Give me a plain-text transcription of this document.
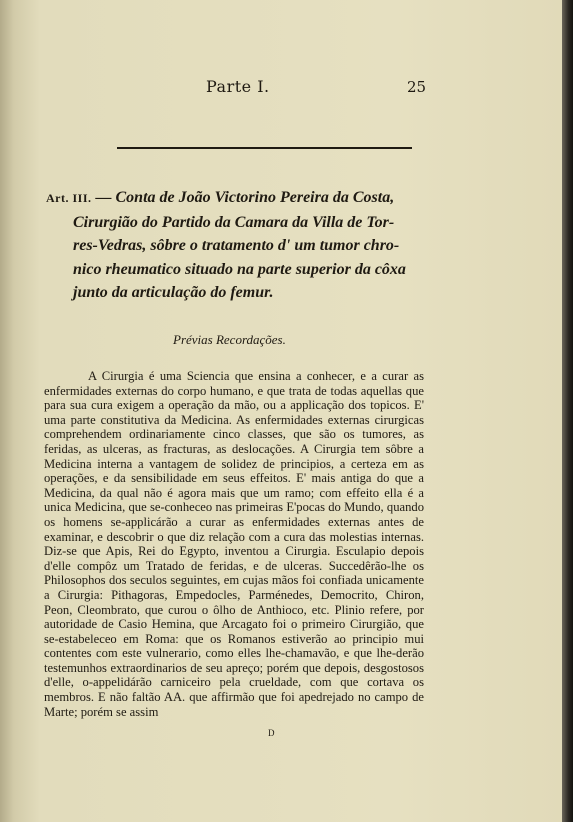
Parte I.	25
Art. III. — Conta de João Victorino Pereira da Costa,
Cirurgião do Partido da Camara da Villa de Tor-
res-Vedras, sôbre o tratamento d' um tumor chro-
nico rheumatico situado na parte superior da côxa
junto da articulação do femur.
Prévias Recordações.

A Cirurgia é uma Sciencia que ensina a conhecer, e a curar as enfermidades externas do corpo humano, e que trata de todas aquellas que para sua cura exigem a operação da mão, ou a applicação dos topicos. E' uma parte constitutiva da Medicina. As enfermidades externas cirurgicas comprehendem ordinariamente cinco classes, que são os tumores, as feridas, as ulceras, as fracturas, as deslocações. A Cirurgia tem sôbre a Medicina interna a vantagem de solidez de principios, a certeza em as operações, e da sensibilidade em seus effeitos. E' mais antiga do que a Medicina, da qual não é agora mais que um ramo; com effeito ella é a unica Medicina, que se-conheceo nas primeiras E'pocas do Mundo, quando os homens se-applicárão a curar as enfermidades externas antes de examinar, e descobrir o que diz relação com a cura das molestias internas. Diz-se que Apis, Rei do Egypto, inventou a Cirurgia. Esculapio depois d'elle compôz um Tratado de feridas, e de ulceras. Succedêrão-lhe os Philosophos dos seculos seguintes, em cujas mãos foi confiada unicamente a Cirurgia: Pithagoras, Empedocles, Parménedes, Democrito, Chiron, Peon, Cleombrato, que curou o ôlho de Anthioco, etc. Plinio refere, por autoridade de Casio Hemina, que Arcagato foi o primeiro Cirurgião, que se-estabeleceo em Roma: que os Romanos estiverão ao principio mui contentes com este vulnerario, como elles lhe-chamavão, e que lhe-derão testemunhos extraordinarios de seu apreço; porém que depois, desgostosos d'elle, o-appelidárão carniceiro pela crueldade, com que cortava os membros. E não faltão AA. que affirmão que foi apedrejado no campo de Marte; porém se assim

D
